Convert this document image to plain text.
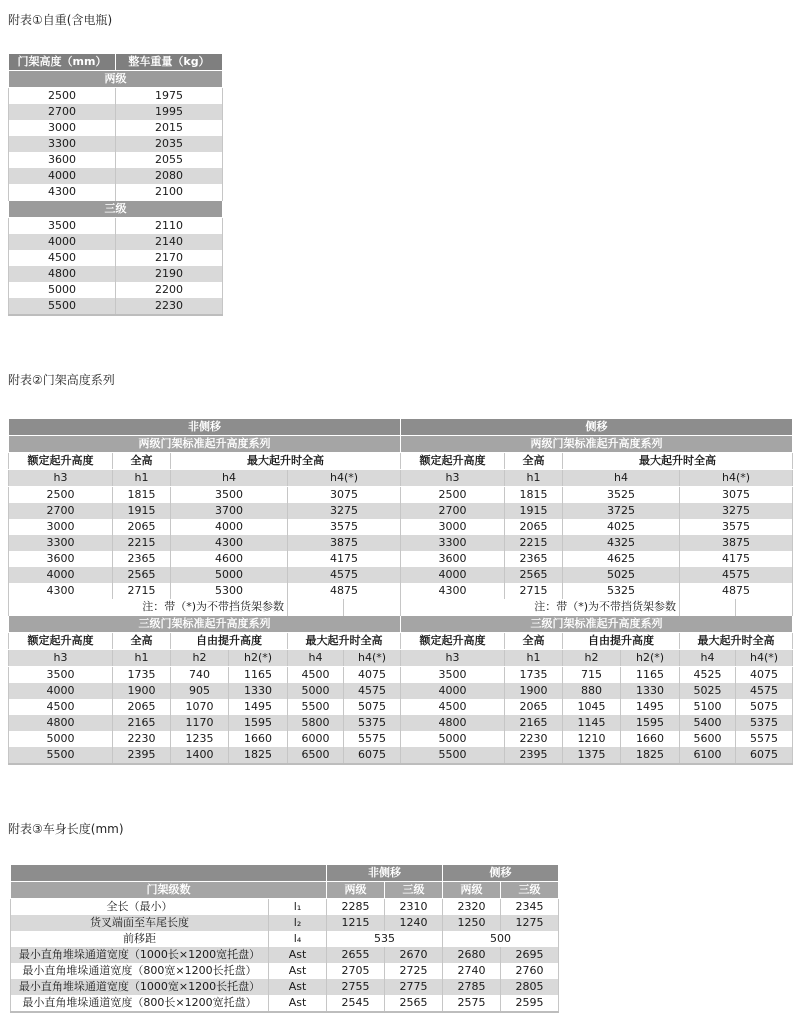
附表①自重(含电瓶)
门架高度（mm）	整车重量（kg）
两级	
2500	1975
2700	1995
3000	2015
3300	2035
3600	2055
4000	2080
4300	2100
三级	
3500	2110
4000	2140
4500	2170
4800	2190
5000	2200
5500	2230
附表②门架高度系列
非侧移						侧移					
两级门架标准起升高度系列						两级门架标准起升高度系列					
额定起升高度	全高	最大起升时全高				额定起升高度	全高	最大起升时全高			
h3	h1	h4		h4(*)		h3	h1	h4		h4(*)	
2500	1815	3500		3075		2500	1815	3525		3075	
2700	1915	3700		3275		2700	1915	3725		3275	
3000	2065	4000		3575		3000	2065	4025		3575	
3300	2215	4300		3875		3300	2215	4325		3875	
3600	2365	4600		4175		3600	2365	4625		4175	
4000	2565	5000		4575		4000	2565	5025		4575	
4300	2715	5300		4875		4300	2715	5325		4875	
注：带（*)为不带挡货架参数						注：带（*)为不带挡货架参数					
三级门架标准起升高度系列						三级门架标准起升高度系列					
额定起升高度	全高	自由提升高度		最大起升时全高		额定起升高度	全高	自由提升高度		最大起升时全高	
h3	h1	h2	h2(*)	h4	h4(*)	h3	h1	h2	h2(*)	h4	h4(*)
3500	1735	740	1165	4500	4075	3500	1735	715	1165	4525	4075
4000	1900	905	1330	5000	4575	4000	1900	880	1330	5025	4575
4500	2065	1070	1495	5500	5075	4500	2065	1045	1495	5100	5075
4800	2165	1170	1595	5800	5375	4800	2165	1145	1595	5400	5375
5000	2230	1235	1660	6000	5575	5000	2230	1210	1660	5600	5575
5500	2395	1400	1825	6500	6075	5500	2395	1375	1825	6100	6075
附表③车身长度(mm)
		非侧移		侧移	
门架级数		两级	三级	两级	三级
全长（最小）	l₁	2285	2310	2320	2345
货叉端面至车尾长度	l₂	1215	1240	1250	1275
前移距	l₄	535		500	
最小直角堆垛通道宽度（1000长×1200宽托盘）	Ast	2655	2670	2680	2695
最小直角堆垛通道宽度（800宽×1200长托盘）	Ast	2705	2725	2740	2760
最小直角堆垛通道宽度（1000宽×1200长托盘）	Ast	2755	2775	2785	2805
最小直角堆垛通道宽度（800长×1200宽托盘）	Ast	2545	2565	2575	2595
